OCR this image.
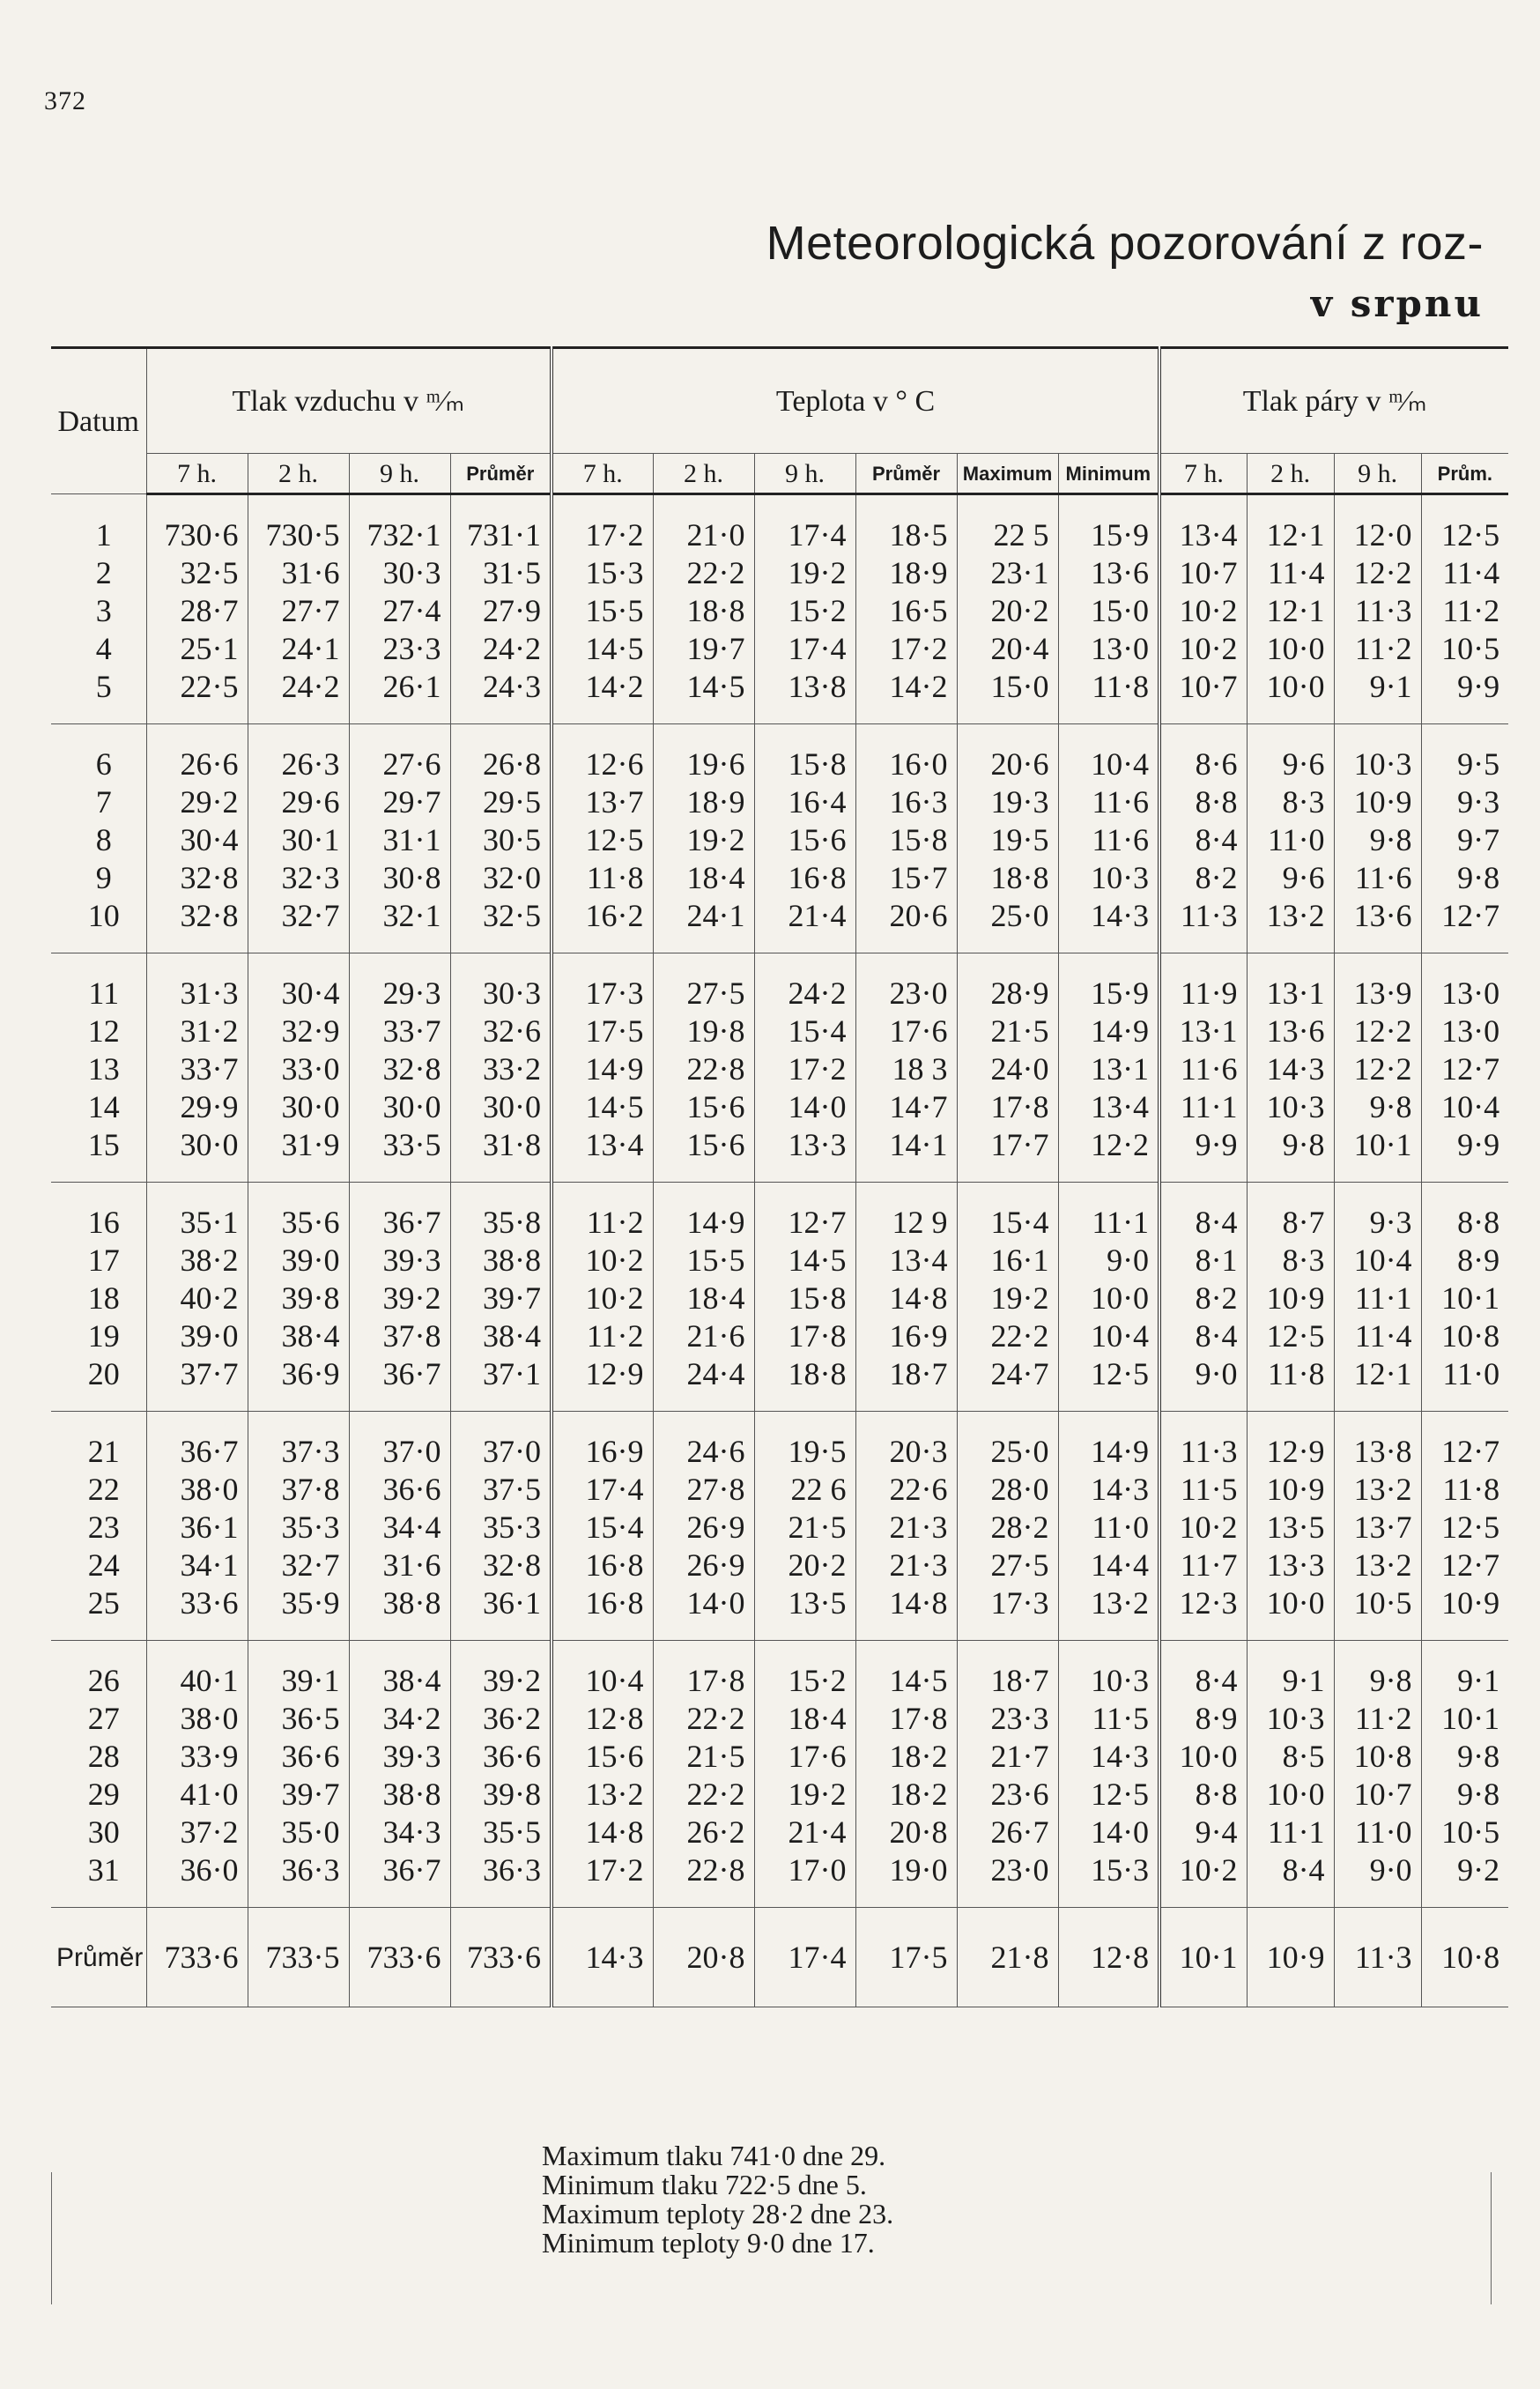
372
Meteorologická pozorování z roz-
v srpnu
Datum	Tlak vzduchu v ᵐ⁄ₘ				Teplota v ° C						Tlak páry v ᵐ⁄ₘ			
	7 h.	2 h.	9 h.	Průměr	7 h.	2 h.	9 h.	Průměr	Maximum	Minimum	7 h.	2 h.	9 h.	Prům.
1	730·6	730·5	732·1	731·1	17·2	21·0	17·4	18·5	22 5	15·9	13·4	12·1	12·0	12·5
2	32·5	31·6	30·3	31·5	15·3	22·2	19·2	18·9	23·1	13·6	10·7	11·4	12·2	11·4
3	28·7	27·7	27·4	27·9	15·5	18·8	15·2	16·5	20·2	15·0	10·2	12·1	11·3	11·2
4	25·1	24·1	23·3	24·2	14·5	19·7	17·4	17·2	20·4	13·0	10·2	10·0	11·2	10·5
5	22·5	24·2	26·1	24·3	14·2	14·5	13·8	14·2	15·0	11·8	10·7	10·0	9·1	9·9
6	26·6	26·3	27·6	26·8	12·6	19·6	15·8	16·0	20·6	10·4	8·6	9·6	10·3	9·5
7	29·2	29·6	29·7	29·5	13·7	18·9	16·4	16·3	19·3	11·6	8·8	8·3	10·9	9·3
8	30·4	30·1	31·1	30·5	12·5	19·2	15·6	15·8	19·5	11·6	8·4	11·0	9·8	9·7
9	32·8	32·3	30·8	32·0	11·8	18·4	16·8	15·7	18·8	10·3	8·2	9·6	11·6	9·8
10	32·8	32·7	32·1	32·5	16·2	24·1	21·4	20·6	25·0	14·3	11·3	13·2	13·6	12·7
11	31·3	30·4	29·3	30·3	17·3	27·5	24·2	23·0	28·9	15·9	11·9	13·1	13·9	13·0
12	31·2	32·9	33·7	32·6	17·5	19·8	15·4	17·6	21·5	14·9	13·1	13·6	12·2	13·0
13	33·7	33·0	32·8	33·2	14·9	22·8	17·2	18 3	24·0	13·1	11·6	14·3	12·2	12·7
14	29·9	30·0	30·0	30·0	14·5	15·6	14·0	14·7	17·8	13·4	11·1	10·3	9·8	10·4
15	30·0	31·9	33·5	31·8	13·4	15·6	13·3	14·1	17·7	12·2	9·9	9·8	10·1	9·9
16	35·1	35·6	36·7	35·8	11·2	14·9	12·7	12 9	15·4	11·1	8·4	8·7	9·3	8·8
17	38·2	39·0	39·3	38·8	10·2	15·5	14·5	13·4	16·1	9·0	8·1	8·3	10·4	8·9
18	40·2	39·8	39·2	39·7	10·2	18·4	15·8	14·8	19·2	10·0	8·2	10·9	11·1	10·1
19	39·0	38·4	37·8	38·4	11·2	21·6	17·8	16·9	22·2	10·4	8·4	12·5	11·4	10·8
20	37·7	36·9	36·7	37·1	12·9	24·4	18·8	18·7	24·7	12·5	9·0	11·8	12·1	11·0
21	36·7	37·3	37·0	37·0	16·9	24·6	19·5	20·3	25·0	14·9	11·3	12·9	13·8	12·7
22	38·0	37·8	36·6	37·5	17·4	27·8	22 6	22·6	28·0	14·3	11·5	10·9	13·2	11·8
23	36·1	35·3	34·4	35·3	15·4	26·9	21·5	21·3	28·2	11·0	10·2	13·5	13·7	12·5
24	34·1	32·7	31·6	32·8	16·8	26·9	20·2	21·3	27·5	14·4	11·7	13·3	13·2	12·7
25	33·6	35·9	38·8	36·1	16·8	14·0	13·5	14·8	17·3	13·2	12·3	10·0	10·5	10·9
26	40·1	39·1	38·4	39·2	10·4	17·8	15·2	14·5	18·7	10·3	8·4	9·1	9·8	9·1
27	38·0	36·5	34·2	36·2	12·8	22·2	18·4	17·8	23·3	11·5	8·9	10·3	11·2	10·1
28	33·9	36·6	39·3	36·6	15·6	21·5	17·6	18·2	21·7	14·3	10·0	8·5	10·8	9·8
29	41·0	39·7	38·8	39·8	13·2	22·2	19·2	18·2	23·6	12·5	8·8	10·0	10·7	9·8
30	37·2	35·0	34·3	35·5	14·8	26·2	21·4	20·8	26·7	14·0	9·4	11·1	11·0	10·5
31	36·0	36·3	36·7	36·3	17·2	22·8	17·0	19·0	23·0	15·3	10·2	8·4	9·0	9·2
Průměr	733·6	733·5	733·6	733·6	14·3	20·8	17·4	17·5	21·8	12·8	10·1	10·9	11·3	10·8
Maximum tlaku 741·0 dne 29.
Minimum tlaku 722·5 dne 5.
Maximum teploty 28·2 dne 23.
Minimum teploty 9·0 dne 17.
